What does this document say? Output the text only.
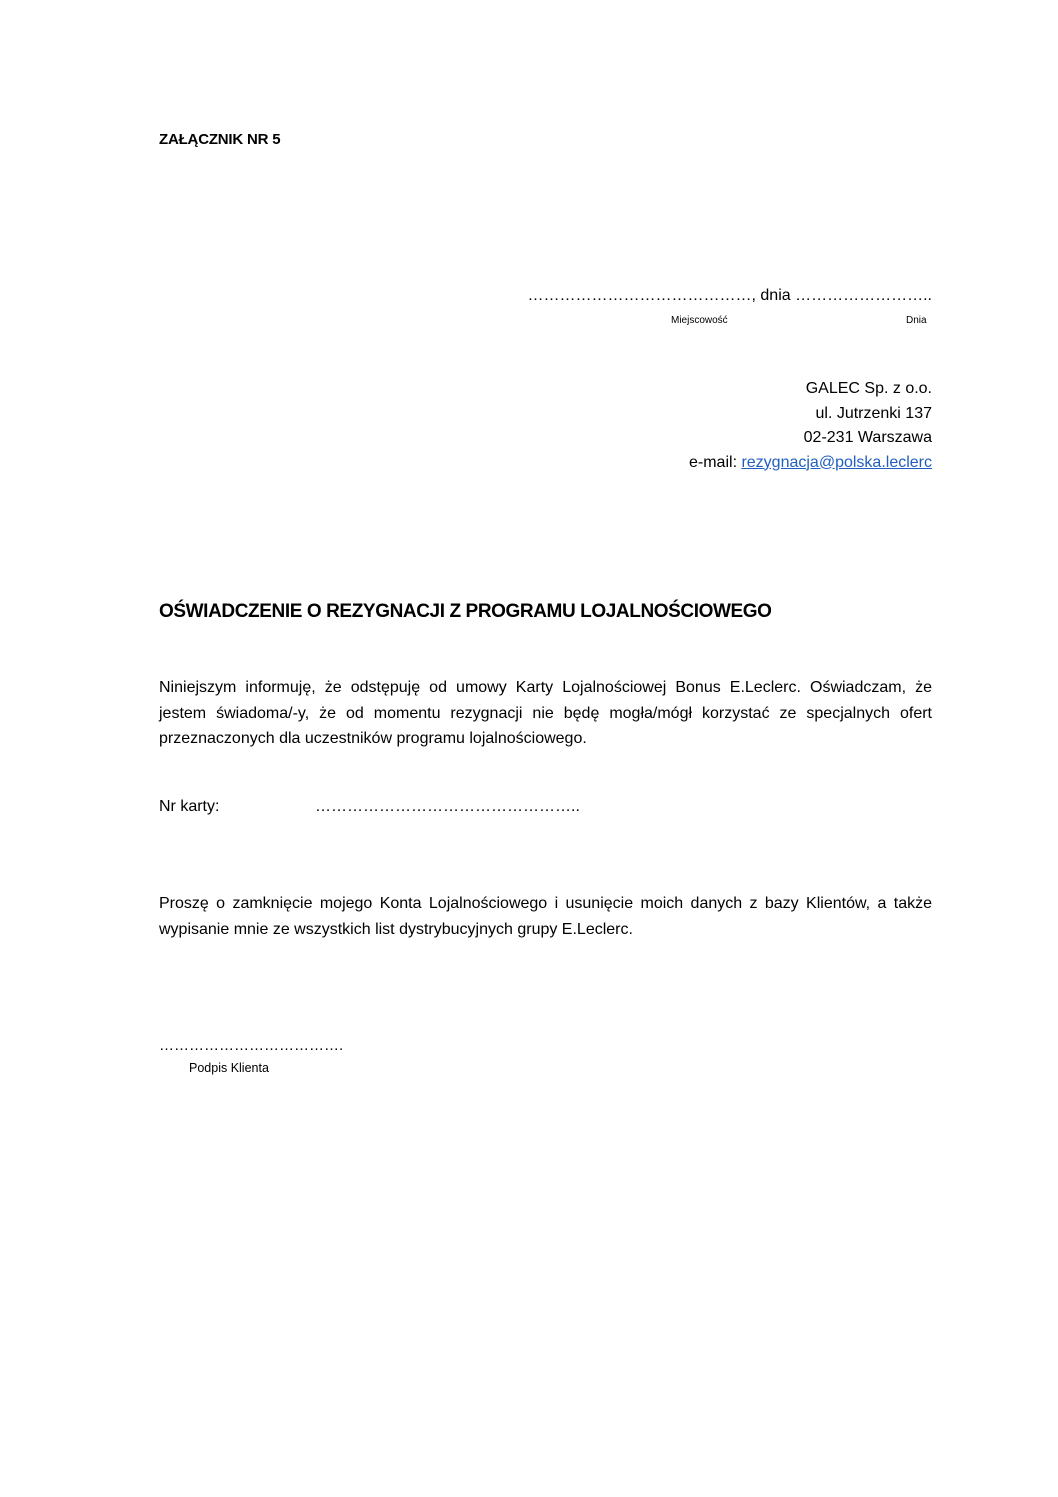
ZAŁĄCZNIK NR 5
……………………………………, dnia ……………………..
Miejscowość	Dnia
GALEC Sp. z o.o.
ul. Jutrzenki 137
02-231 Warszawa
e-mail: rezygnacja@polska.leclerc
OŚWIADCZENIE O REZYGNACJI Z PROGRAMU LOJALNOŚCIOWEGO
Niniejszym informuję, że odstępuję od umowy Karty Lojalnościowej Bonus E.Leclerc. Oświadczam, że jestem świadoma/-y, że od momentu rezygnacji nie będę mogła/mógł korzystać ze specjalnych ofert przeznaczonych dla uczestników programu lojalnościowego.
Nr karty:	…………………………………………..
Proszę o zamknięcie mojego Konta Lojalnościowego i usunięcie moich danych z bazy Klientów, a także wypisanie mnie ze wszystkich list dystrybucyjnych grupy E.Leclerc.
……………………………….
Podpis Klienta
